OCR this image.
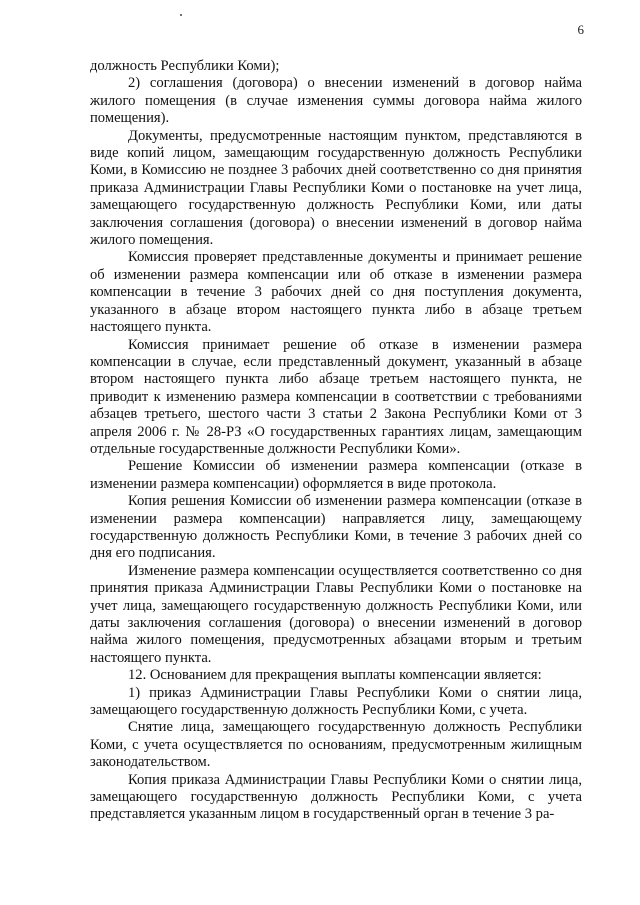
6

должность Республики Коми);

2) соглашения (договора) о внесении изменений в договор найма жилого помещения (в случае изменения суммы договора найма жилого помещения).

Документы, предусмотренные настоящим пунктом, представляются в виде копий лицом, замещающим государственную должность Республики Коми, в Комиссию не позднее 3 рабочих дней соответственно со дня принятия приказа Администрации Главы Республики Коми о постановке на учет лица, замещающего государственную должность Республики Коми, или даты заключения соглашения (договора) о внесении изменений в договор найма жилого помещения.

Комиссия проверяет представленные документы и принимает решение об изменении размера компенсации или об отказе в изменении размера компенсации в течение 3 рабочих дней со дня поступления документа, указанного в абзаце втором настоящего пункта либо в абзаце третьем настоящего пункта.

Комиссия принимает решение об отказе в изменении размера компенсации в случае, если представленный документ, указанный в абзаце втором настоящего пункта либо абзаце третьем настоящего пункта, не приводит к изменению размера компенсации в соответствии с требованиями абзацев третьего, шестого части 3 статьи 2 Закона Республики Коми от 3 апреля 2006 г. № 28-РЗ «О государственных гарантиях лицам, замещающим отдельные государственные должности Республики Коми».

Решение Комиссии об изменении размера компенсации (отказе в изменении размера компенсации) оформляется в виде протокола.

Копия решения Комиссии об изменении размера компенсации (отказе в изменении размера компенсации) направляется лицу, замещающему государственную должность Республики Коми, в течение 3 рабочих дней со дня его подписания.

Изменение размера компенсации осуществляется соответственно со дня принятия приказа Администрации Главы Республики Коми о постановке на учет лица, замещающего государственную должность Республики Коми, или даты заключения соглашения (договора) о внесении изменений в договор найма жилого помещения, предусмотренных абзацами вторым и третьим настоящего пункта.

12. Основанием для прекращения выплаты компенсации является:

1) приказ Администрации Главы Республики Коми о снятии лица, замещающего государственную должность Республики Коми, с учета.

Снятие лица, замещающего государственную должность Республики Коми, с учета осуществляется по основаниям, предусмотренным жилищным законодательством.

Копия приказа Администрации Главы Республики Коми о снятии лица, замещающего государственную должность Республики Коми, с учета представляется указанным лицом в государственный орган в течение 3 ра-
